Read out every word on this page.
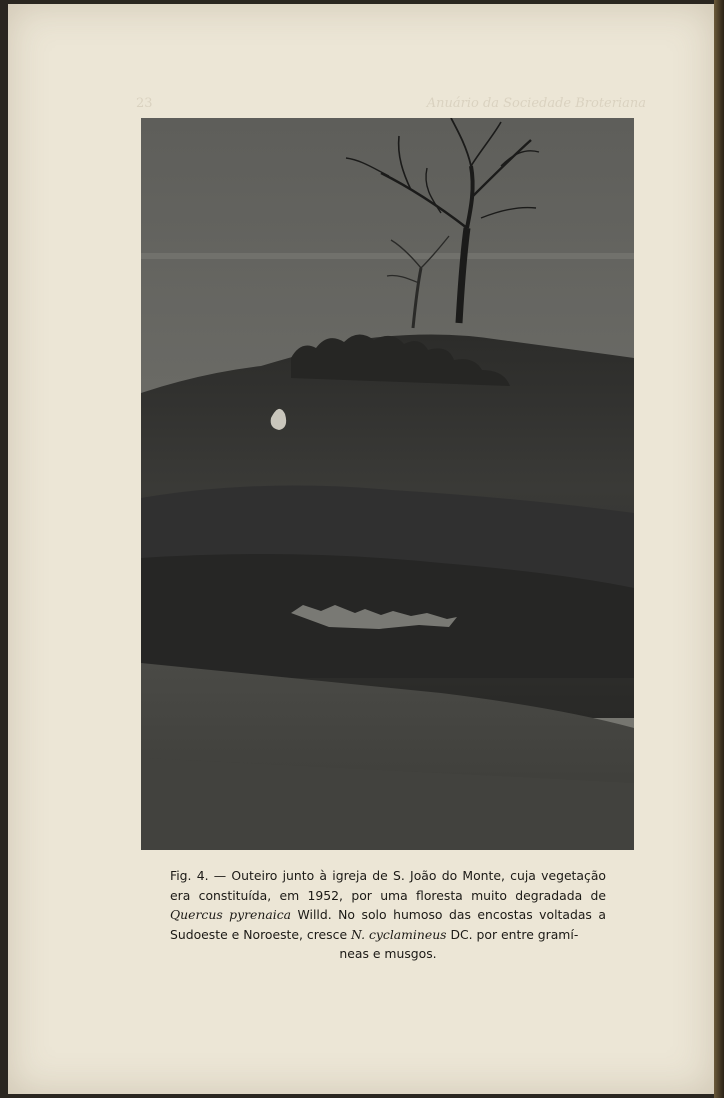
23	Anuário da Sociedade Broteriana
Fig. 4. — Outeiro junto à igreja de S. João do Monte, cuja vegetação era constituída, em 1952, por uma floresta muito degradada de Quercus pyrenaica Willd. No solo humoso das encostas voltadas a Sudoeste e Noroeste, cresce N. cyclamineus DC. por entre gramí-
neas e musgos.
